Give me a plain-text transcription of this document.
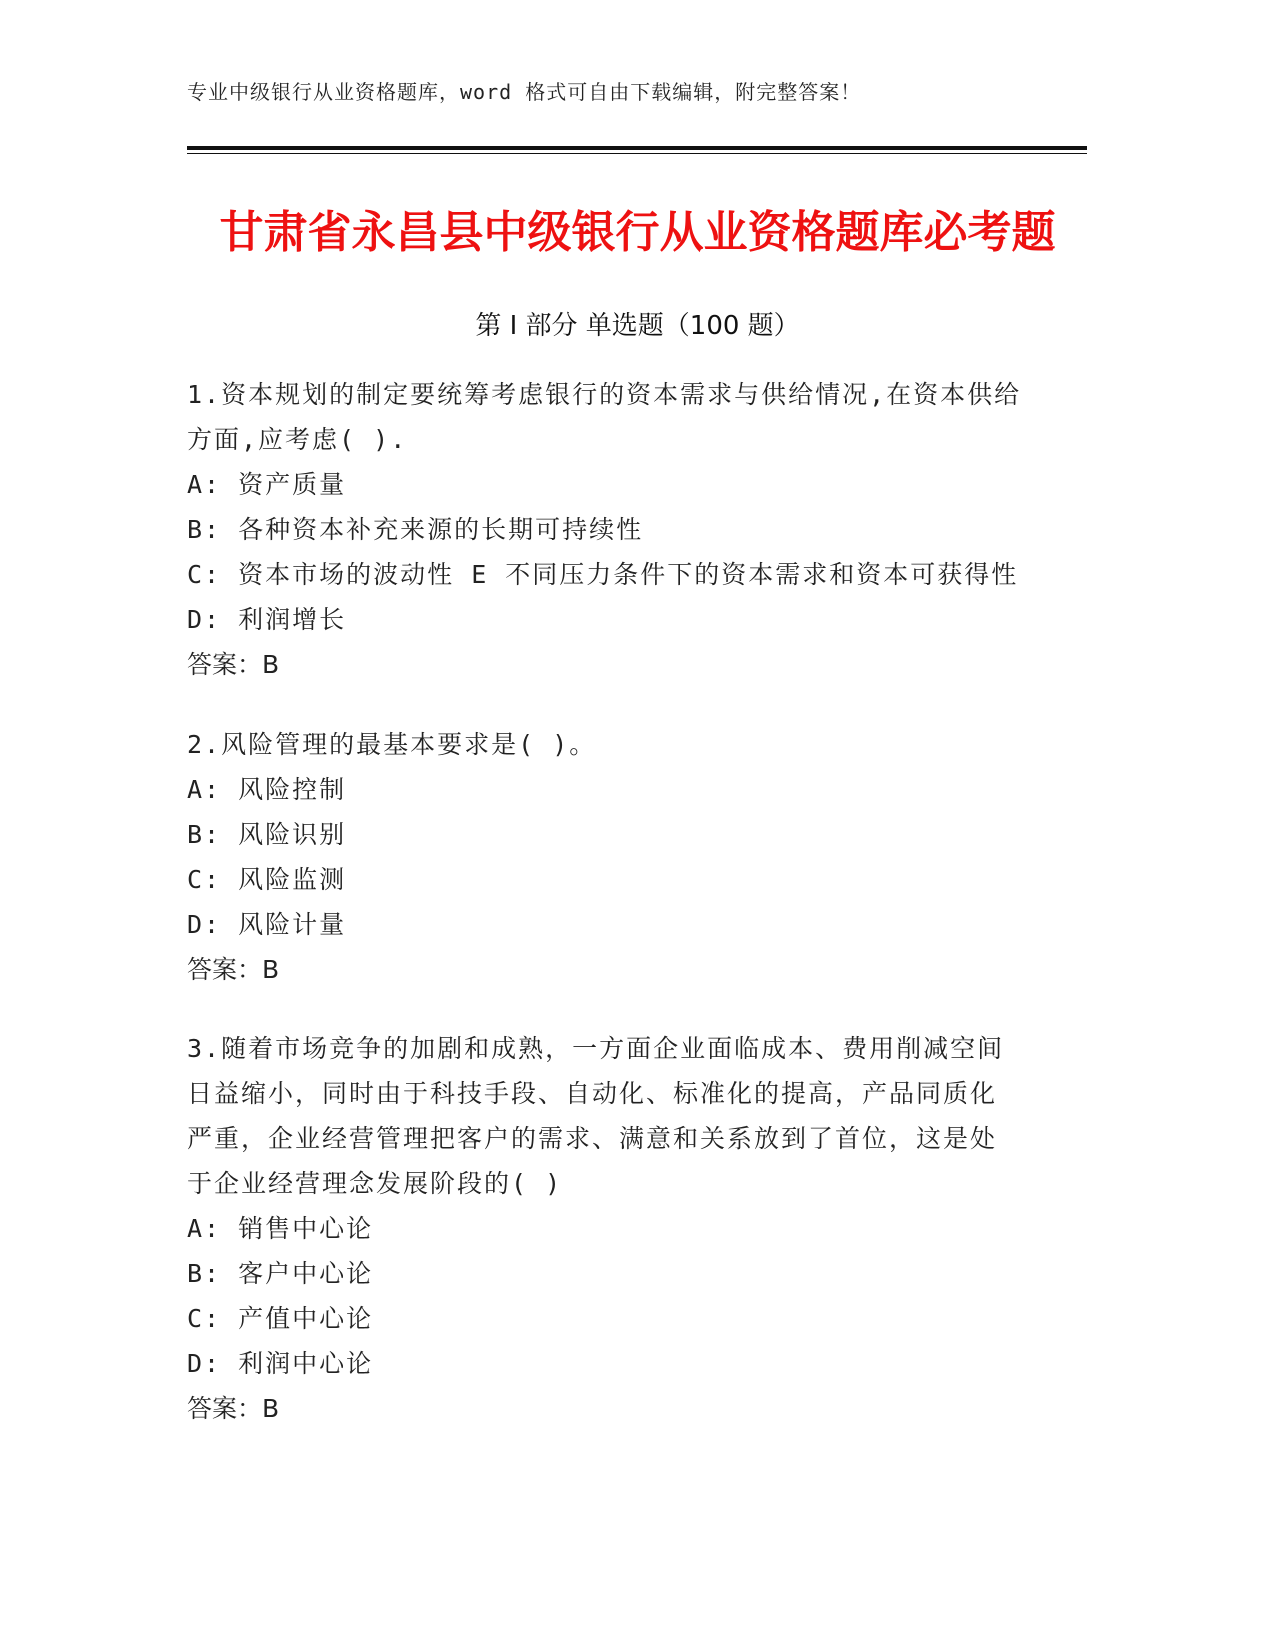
专业中级银行从业资格题库，word 格式可自由下载编辑，附完整答案！
甘肃省永昌县中级银行从业资格题库必考题
第 I 部分 单选题（100 题）

1.资本规划的制定要统筹考虑银行的资本需求与供给情况,在资本供给

方面,应考虑( ).

A: 资产质量

B: 各种资本补充来源的长期可持续性

C: 资本市场的波动性 E 不同压力条件下的资本需求和资本可获得性

D: 利润增长

答案：B

2.风险管理的最基本要求是( )。

A: 风险控制

B: 风险识别

C: 风险监测

D: 风险计量

答案：B

3.随着市场竞争的加剧和成熟，一方面企业面临成本、费用削减空间

日益缩小，同时由于科技手段、自动化、标准化的提高，产品同质化

严重，企业经营管理把客户的需求、满意和关系放到了首位，这是处

于企业经营理念发展阶段的( )

A: 销售中心论

B: 客户中心论

C: 产值中心论

D: 利润中心论

答案：B
